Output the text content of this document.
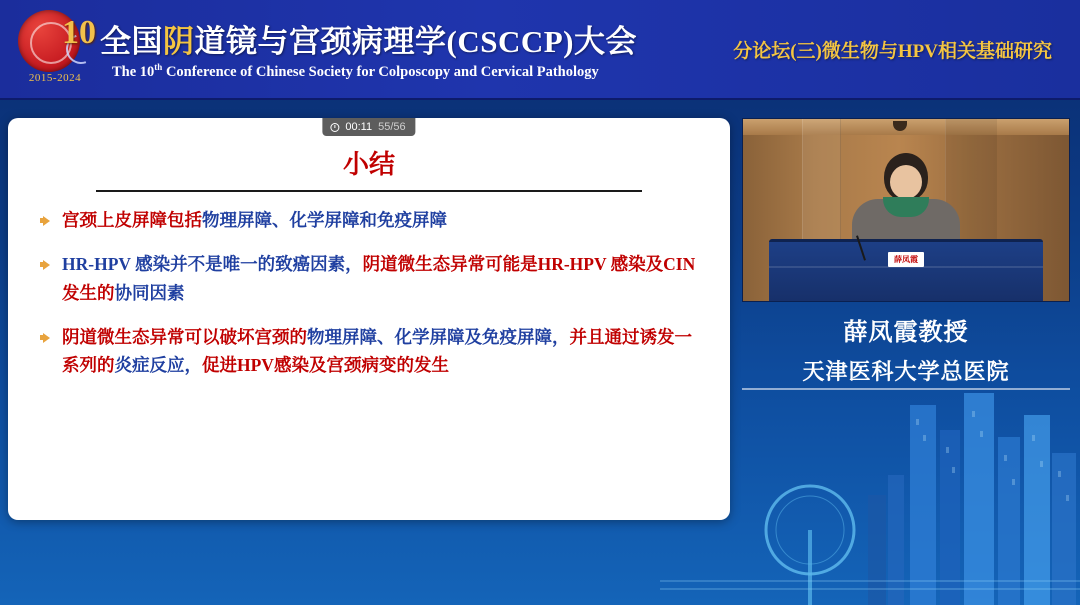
10
2015-2024
全国阴道镜与宫颈病理学(CSCCP)大会
The 10th Conference of Chinese Society for Colposcopy and Cervical Pathology
分论坛(三)微生物与HPV相关基础研究
00:11 55/56
小结
宫颈上皮屏障包括物理屏障、化学屏障和免疫屏障
HR-HPV 感染并不是唯一的致癌因素，阴道微生态异常可能是HR-HPV 感染及CIN发生的协同因素
阴道微生态异常可以破坏宫颈的物理屏障、化学屏障及免疫屏障，并且通过诱发一系列的炎症反应，促进HPV感染及宫颈病变的发生
薛凤霞
薛凤霞教授
天津医科大学总医院
